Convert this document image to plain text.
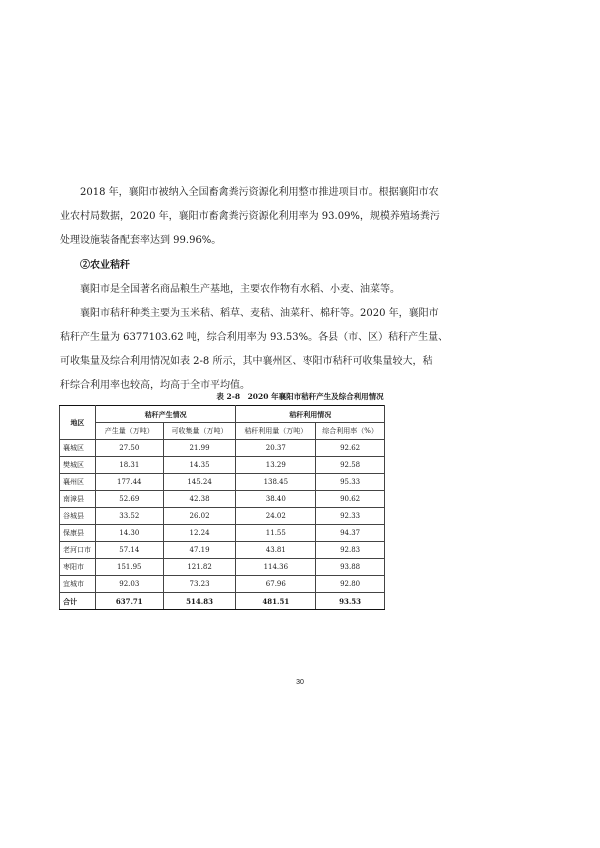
2018 年，襄阳市被纳入全国畜禽粪污资源化利用整市推进项目市。根据襄阳市农
业农村局数据，2020 年，襄阳市畜禽粪污资源化利用率为 93.09%，规模养殖场粪污
处理设施装备配套率达到 99.96%。
②农业秸秆
襄阳市是全国著名商品粮生产基地，主要农作物有水稻、小麦、油菜等。
襄阳市秸秆种类主要为玉米秸、稻草、麦秸、油菜秆、棉秆等。2020 年，襄阳市
秸秆产生量为 6377103.62 吨，综合利用率为 93.53%。各县（市、区）秸秆产生量、
可收集量及综合利用情况如表 2-8 所示，其中襄州区、枣阳市秸秆可收集量较大，秸
秆综合利用率也较高，均高于全市平均值。
表 2-8　2020 年襄阳市秸秆产生及综合利用情况
地区	秸秆产生情况		秸秆利用情况	
	产生量（万吨）	可收集量（万吨）	秸秆利用量（万吨）	综合利用率（%）
襄城区	27.50	21.99	20.37	92.62
樊城区	18.31	14.35	13.29	92.58
襄州区	177.44	145.24	138.45	95.33
南漳县	52.69	42.38	38.40	90.62
谷城县	33.52	26.02	24.02	92.33
保康县	14.30	12.24	11.55	94.37
老河口市	57.14	47.19	43.81	92.83
枣阳市	151.95	121.82	114.36	93.88
宜城市	92.03	73.23	67.96	92.80
合计	637.71	514.83	481.51	93.53
30
